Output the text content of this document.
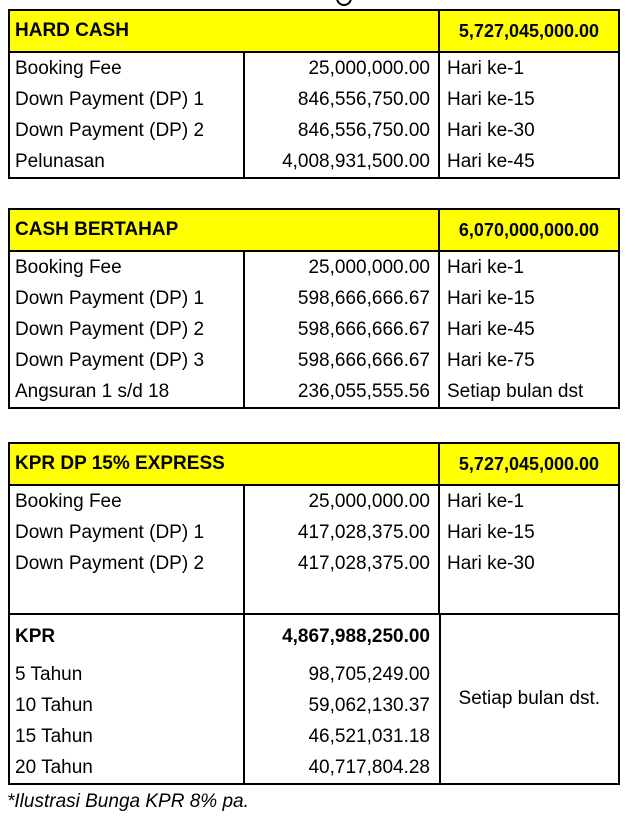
HARD CASH	5,727,045,000.00
Booking Fee	25,000,000.00 Hari ke-1
Down Payment (DP) 1	846,556,750.00 Hari ke-15
Down Payment (DP) 2	846,556,750.00 Hari ke-30
Pelunasan	4,008,931,500.00 Hari ke-45
CASH BERTAHAP	6,070,000,000.00
Booking Fee	25,000,000.00 Hari ke-1
Down Payment (DP) 1	598,666,666.67 Hari ke-15
Down Payment (DP) 2	598,666,666.67 Hari ke-45
Down Payment (DP) 3	598,666,666.67 Hari ke-75
Angsuran 1 s/d 18	236,055,555.56 Setiap bulan dst
KPR DP 15% EXPRESS	5,727,045,000.00
Booking Fee	25,000,000.00 Hari ke-1
Down Payment (DP) 1	417,028,375.00 Hari ke-15
Down Payment (DP) 2	417,028,375.00 Hari ke-30
KPR	4,867,988,250.00
5 Tahun	98,705,249.00
10 Tahun	59,062,130.37
15 Tahun	46,521,031.18
20 Tahun	40,717,804.28
Setiap bulan dst.
*Ilustrasi Bunga KPR 8% pa.
